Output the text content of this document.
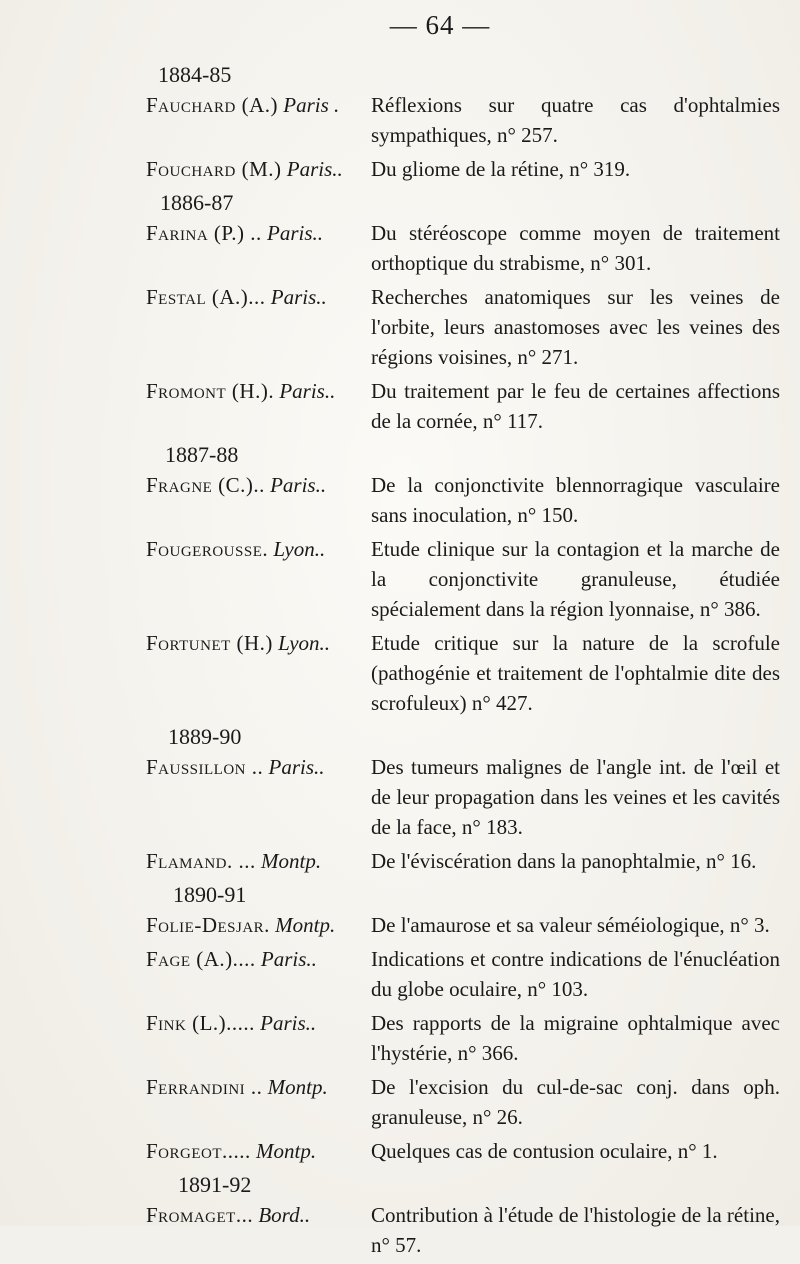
— 64 —
1884-85
Fauchard (A.) Paris .	Réflexions sur quatre cas d'ophtalmies sympathiques, n° 257.
Fouchard (M.) Paris..	Du gliome de la rétine, n° 319.
1886-87
Farina (P.) .. Paris..	Du stéréoscope comme moyen de traitement orthoptique du strabisme, n° 301.
Festal (A.)... Paris..	Recherches anatomiques sur les veines de l'orbite, leurs anastomoses avec les veines des régions voisines, n° 271.
Fromont (H.). Paris..	Du traitement par le feu de certaines affections de la cornée, n° 117.
1887-88
Fragne (C.).. Paris..	De la conjonctivite blennorragique vasculaire sans inoculation, n° 150.
Fougerousse. Lyon..	Etude clinique sur la contagion et la marche de la conjonctivite granuleuse, étudiée spécialement dans la région lyonnaise, n° 386.
Fortunet (H.) Lyon..	Etude critique sur la nature de la scrofule (pathogénie et traitement de l'ophtalmie dite des scrofuleux) n° 427.
1889-90
Faussillon .. Paris..	Des tumeurs malignes de l'angle int. de l'œil et de leur propagation dans les veines et les cavités de la face, n° 183.
Flamand. ... Montp.	De l'éviscération dans la panophtalmie, n° 16.
1890-91
Folie-Desjar. Montp.	De l'amaurose et sa valeur séméiologique, n° 3.
Fage (A.).... Paris..	Indications et contre indications de l'énucléation du globe oculaire, n° 103.
Fink (L.)..... Paris..	Des rapports de la migraine ophtalmique avec l'hystérie, n° 366.
Ferrandini .. Montp.	De l'excision du cul-de-sac conj. dans oph. granuleuse, n° 26.
Forgeot..... Montp.	Quelques cas de contusion oculaire, n° 1.
1891-92
Fromaget... Bord..	Contribution à l'étude de l'histologie de la rétine, n° 57.
